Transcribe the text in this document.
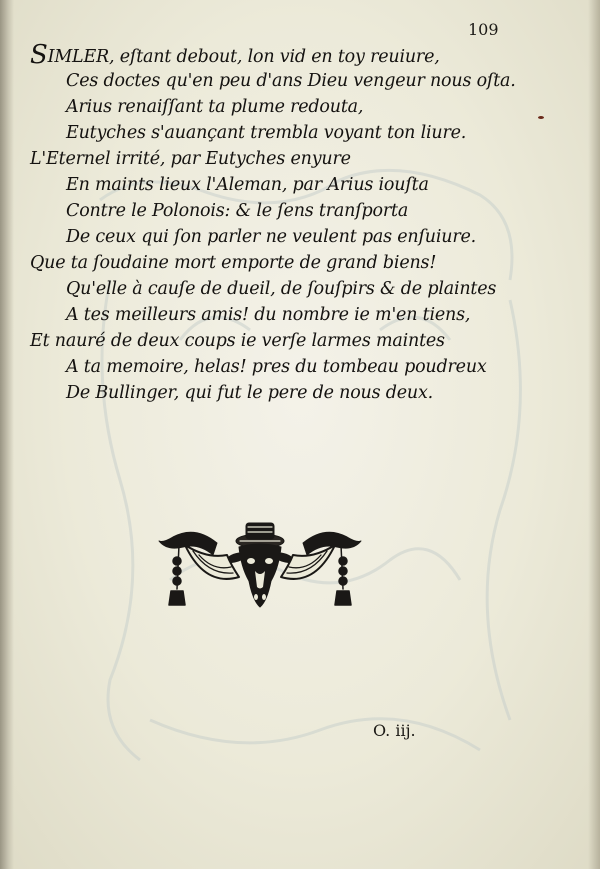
109
SIMLER, eſtant debout, lon vid en toy reuiure,
Ces doctes qu'en peu d'ans Dieu vengeur nous oſta.
Arius renaiſſant ta plume redouta,
Eutyches s'auançant trembla voyant ton liure.
L'Eternel irrité, par Eutyches enyure
En maints lieux l'Aleman, par Arius iouſta
Contre le Polonois: & le ſens tranſporta
De ceux qui ſon parler ne veulent pas enſuiure.
Que ta ſoudaine mort emporte de grand biens!
Qu'elle à cauſe de dueil, de ſouſpirs & de plaintes
A tes meilleurs amis! du nombre ie m'en tiens,
Et nauré de deux coups ie verſe larmes maintes
A ta memoire, helas! pres du tombeau poudreux
De Bullinger, qui fut le pere de nous deux.
O. iij.
